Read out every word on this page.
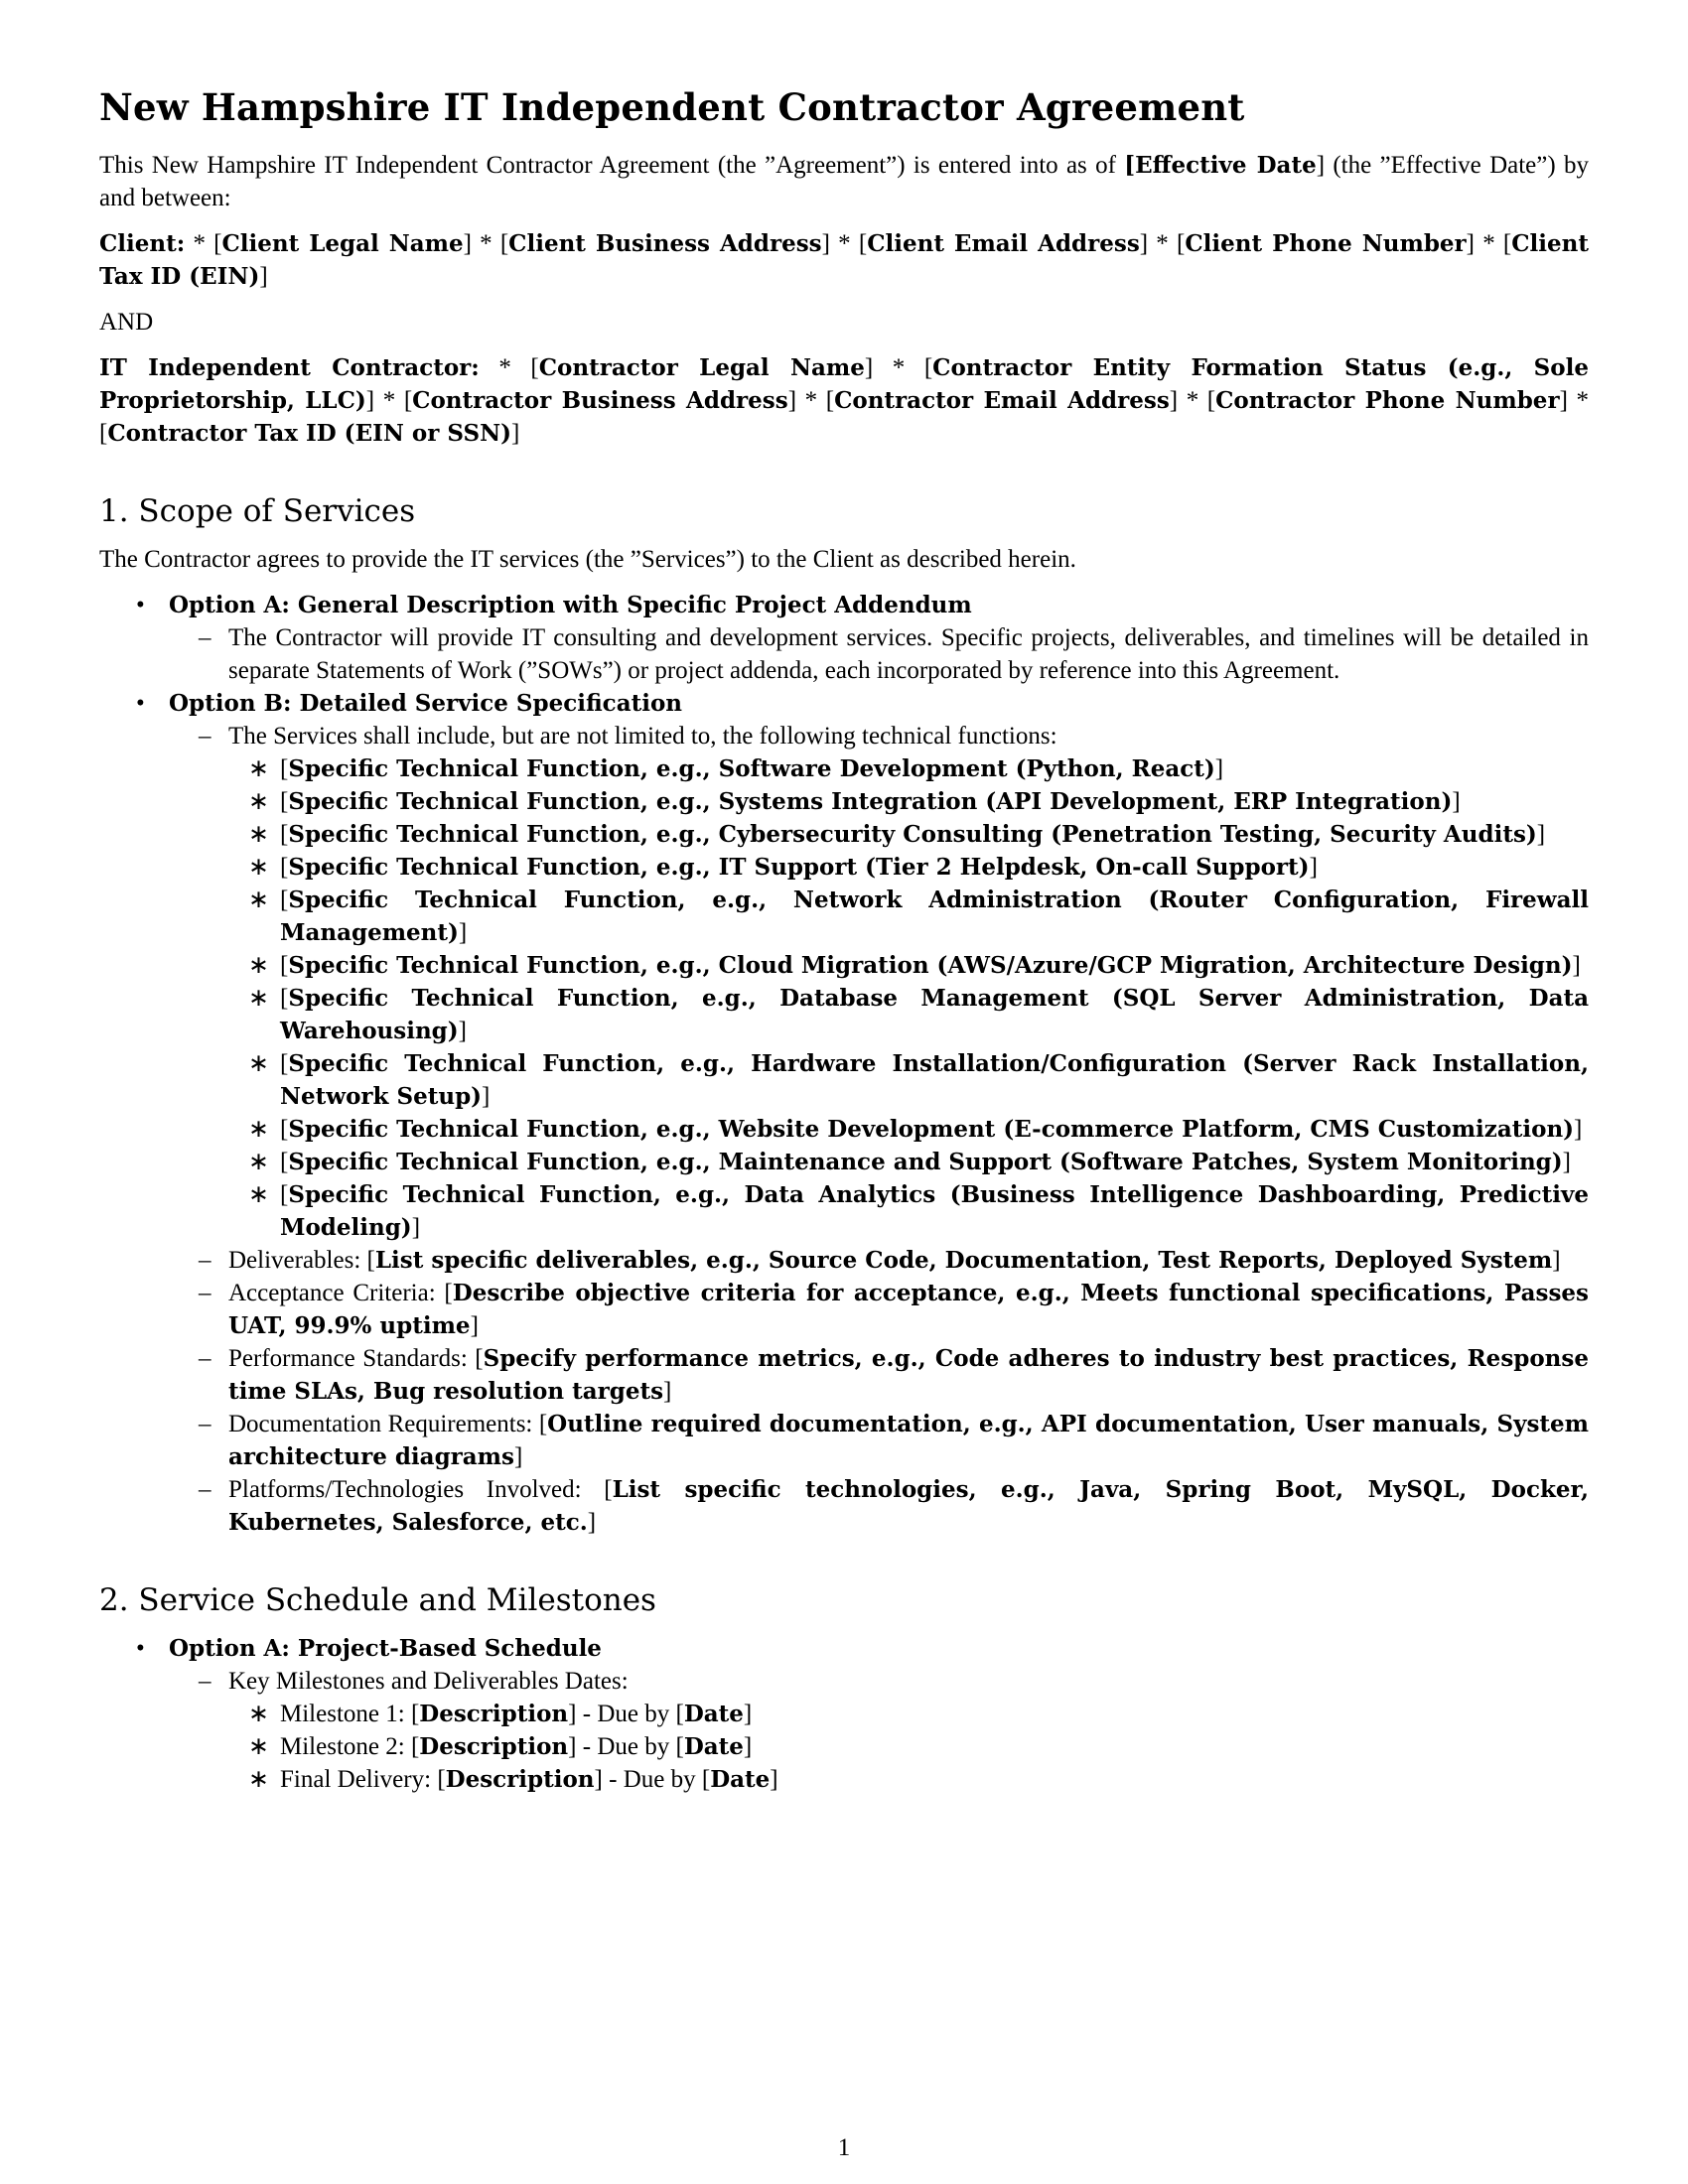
New Hampshire IT Independent Contractor Agreement

This New Hampshire IT Independent Contractor Agreement (the ”Agreement”) is entered into as of [Effective Date] (the ”Effective Date”) by and between:

Client: * [Client Legal Name] * [Client Business Address] * [Client Email Address] * [Client Phone Number] * [Client Tax ID (EIN)]

AND

IT Independent Contractor: * [Contractor Legal Name] * [Contractor Entity Formation Status (e.g., Sole Proprietorship, LLC)] * [Contractor Business Address] * [Contractor Email Address] * [Contractor Phone Number] * [Contractor Tax ID (EIN or SSN)]

1. Scope of Services

The Contractor agrees to provide the IT services (the ”Services”) to the Client as described herein.

• Option A: General Description with Specific Project Addendum
– The Contractor will provide IT consulting and development services. Specific projects, deliverables, and timelines will be detailed in separate Statements of Work (”SOWs”) or project addenda, each incorporated by reference into this Agreement.
• Option B: Detailed Service Specification
– The Services shall include, but are not limited to, the following technical functions:
∗ [Specific Technical Function, e.g., Software Development (Python, React)]
∗ [Specific Technical Function, e.g., Systems Integration (API Development, ERP Integration)]
∗ [Specific Technical Function, e.g., Cybersecurity Consulting (Penetration Testing, Security Audits)]
∗ [Specific Technical Function, e.g., IT Support (Tier 2 Helpdesk, On-call Support)]
∗ [Specific Technical Function, e.g., Network Administration (Router Configuration, Firewall Management)]
∗ [Specific Technical Function, e.g., Cloud Migration (AWS/Azure/GCP Migration, Architecture Design)]
∗ [Specific Technical Function, e.g., Database Management (SQL Server Administration, Data Warehousing)]
∗ [Specific Technical Function, e.g., Hardware Installation/Configuration (Server Rack Installation, Network Setup)]
∗ [Specific Technical Function, e.g., Website Development (E-commerce Platform, CMS Customization)]
∗ [Specific Technical Function, e.g., Maintenance and Support (Software Patches, System Monitoring)]
∗ [Specific Technical Function, e.g., Data Analytics (Business Intelligence Dashboarding, Predictive Modeling)]
– Deliverables: [List specific deliverables, e.g., Source Code, Documentation, Test Reports, Deployed System]
– Acceptance Criteria: [Describe objective criteria for acceptance, e.g., Meets functional specifications, Passes UAT, 99.9% uptime]
– Performance Standards: [Specify performance metrics, e.g., Code adheres to industry best practices, Response time SLAs, Bug resolution targets]
– Documentation Requirements: [Outline required documentation, e.g., API documentation, User manuals, System architecture diagrams]
– Platforms/Technologies Involved: [List specific technologies, e.g., Java, Spring Boot, MySQL, Docker, Kubernetes, Salesforce, etc.]
2. Service Schedule and Milestones
• Option A: Project-Based Schedule
– Key Milestones and Deliverables Dates:
∗ Milestone 1: [Description] - Due by [Date]
∗ Milestone 2: [Description] - Due by [Date]
∗ Final Delivery: [Description] - Due by [Date]
1
